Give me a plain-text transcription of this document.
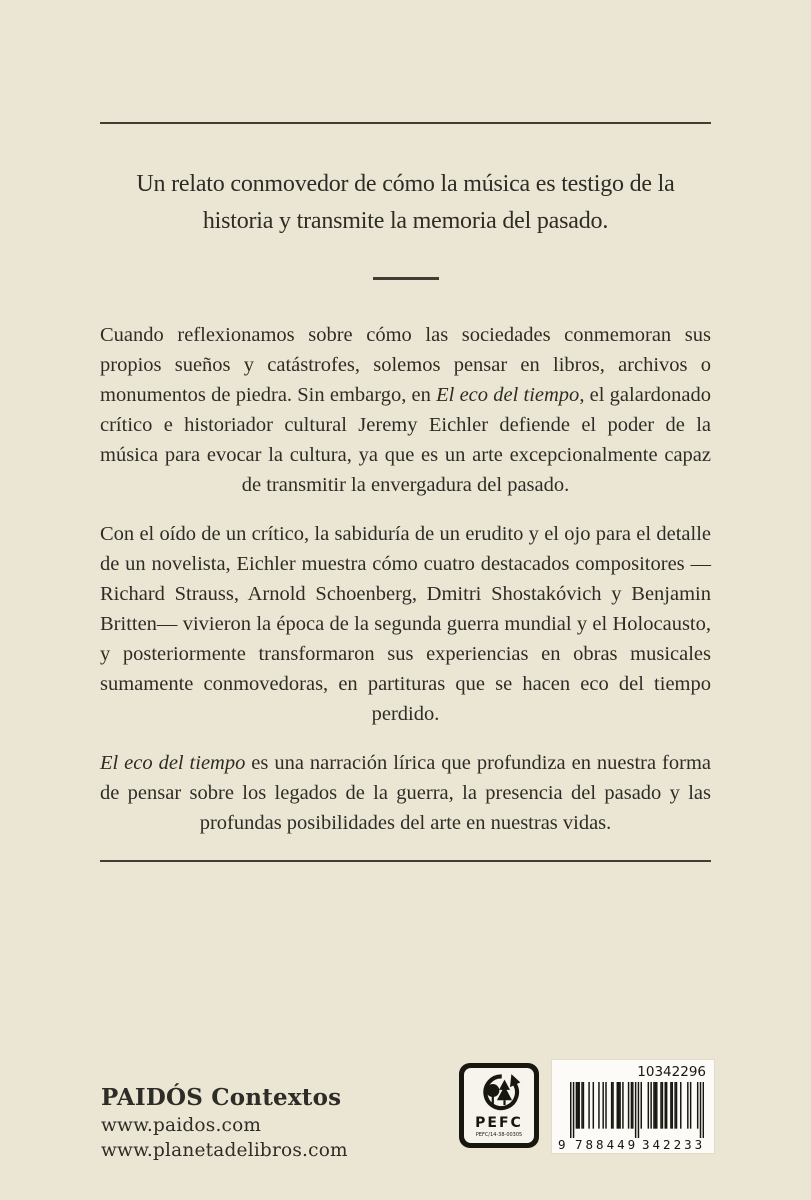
Un relato conmovedor de cómo la música es testigo de la
historia y transmite la memoria del pasado.

Cuando reflexionamos sobre cómo las sociedades conmemoran sus propios sueños y catástrofes, solemos pensar en libros, archivos o monumentos de piedra. Sin embargo, en El eco del tiempo, el galardonado crítico e historiador cultural Jeremy Eichler defiende el poder de la música para evocar la cultura, ya que es un arte excepcionalmente capaz de transmitir la envergadura del pasado.

Con el oído de un crítico, la sabiduría de un erudito y el ojo para el detalle de un novelista, Eichler muestra cómo cuatro destacados compositores —Richard Strauss, Arnold Schoenberg, Dmitri Shostakóvich y Benjamin Britten— vivieron la época de la segunda guerra mundial y el Holocausto, y posteriormente transformaron sus experiencias en obras musicales sumamente conmovedoras, en partituras que se hacen eco del tiempo perdido.

El eco del tiempo es una narración lírica que profundiza en nuestra forma de pensar sobre los legados de la guerra, la presencia del pasado y las profundas posibilidades del arte en nuestras vidas.

PAIDÓS Contextos
www.paidos.com
www.planetadelibros.com
PEFC
PEFC/14-38-00305
10342296
9 788449 342233
